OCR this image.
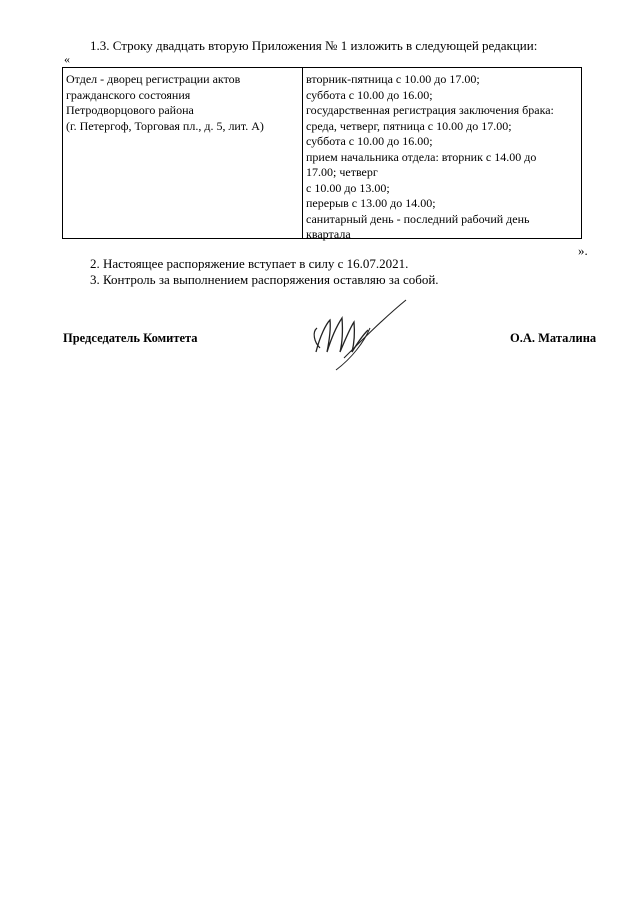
1.3. Строку двадцать вторую Приложения № 1 изложить в следующей редакции:
«
Отдел - дворец регистрации актов
гражданского состояния
Петродворцового района
(г. Петергоф, Торговая пл., д. 5, лит. А)
вторник-пятница с 10.00 до 17.00;
суббота с 10.00 до 16.00;
государственная регистрация заключения брака:
среда, четверг, пятница с 10.00 до 17.00;
суббота с 10.00 до 16.00;
прием начальника отдела: вторник с 14.00 до
17.00; четверг
с 10.00 до 13.00;
перерыв с 13.00 до 14.00;
санитарный день - последний рабочий день
квартала
».
2. Настоящее распоряжение вступает в силу с 16.07.2021.
3. Контроль за выполнением распоряжения оставляю за собой.
Председатель Комитета	О.А. Маталина
